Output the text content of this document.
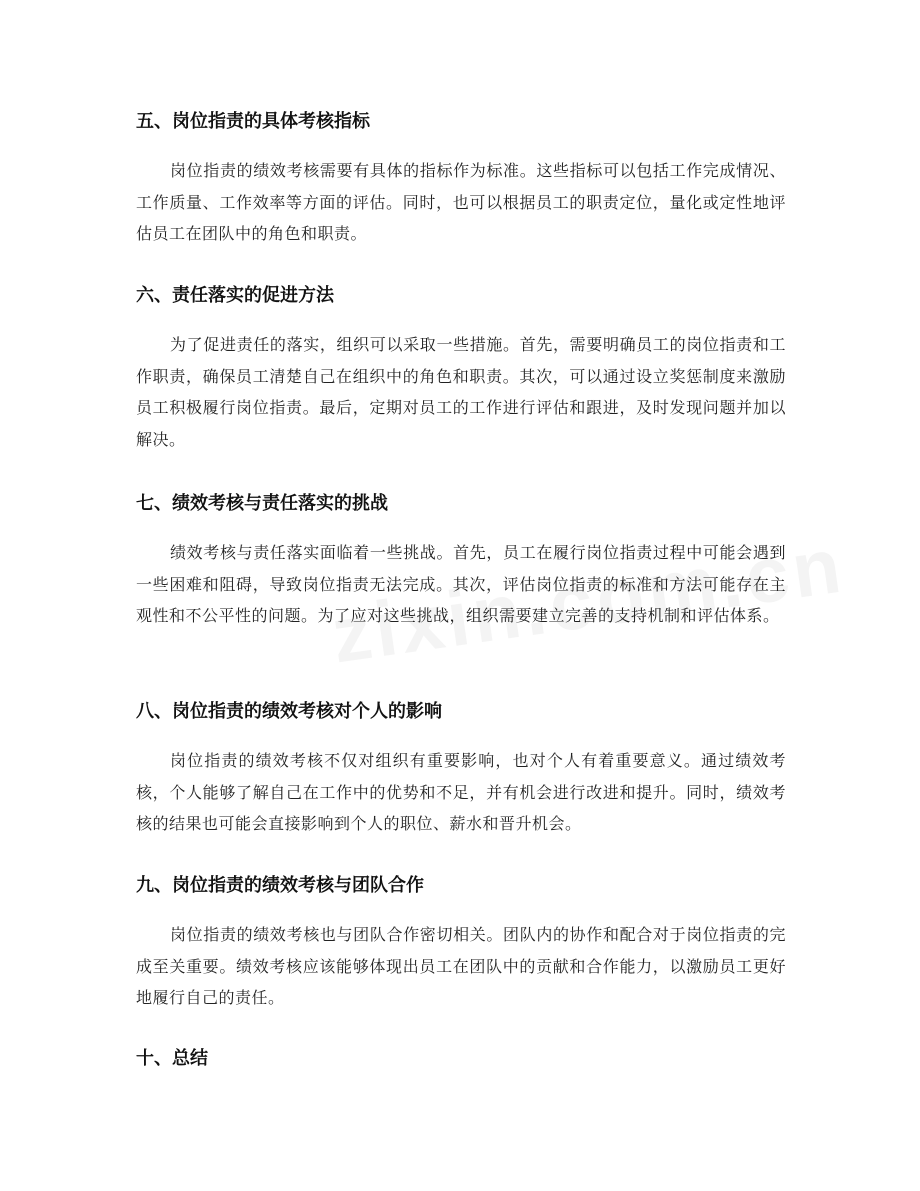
五、岗位指责的具体考核指标

岗位指责的绩效考核需要有具体的指标作为标准。这些指标可以包括工作完成情况、工作质量、工作效率等方面的评估。同时，也可以根据员工的职责定位，量化或定性地评估员工在团队中的角色和职责。

六、责任落实的促进方法

为了促进责任的落实，组织可以采取一些措施。首先，需要明确员工的岗位指责和工作职责，确保员工清楚自己在组织中的角色和职责。其次，可以通过设立奖惩制度来激励员工积极履行岗位指责。最后，定期对员工的工作进行评估和跟进，及时发现问题并加以解决。

七、绩效考核与责任落实的挑战

绩效考核与责任落实面临着一些挑战。首先，员工在履行岗位指责过程中可能会遇到一些困难和阻碍，导致岗位指责无法完成。其次，评估岗位指责的标准和方法可能存在主观性和不公平性的问题。为了应对这些挑战，组织需要建立完善的支持机制和评估体系。

八、岗位指责的绩效考核对个人的影响

岗位指责的绩效考核不仅对组织有重要影响，也对个人有着重要意义。通过绩效考核，个人能够了解自己在工作中的优势和不足，并有机会进行改进和提升。同时，绩效考核的结果也可能会直接影响到个人的职位、薪水和晋升机会。

九、岗位指责的绩效考核与团队合作

岗位指责的绩效考核也与团队合作密切相关。团队内的协作和配合对于岗位指责的完成至关重要。绩效考核应该能够体现出员工在团队中的贡献和合作能力，以激励员工更好地履行自己的责任。

十、总结
